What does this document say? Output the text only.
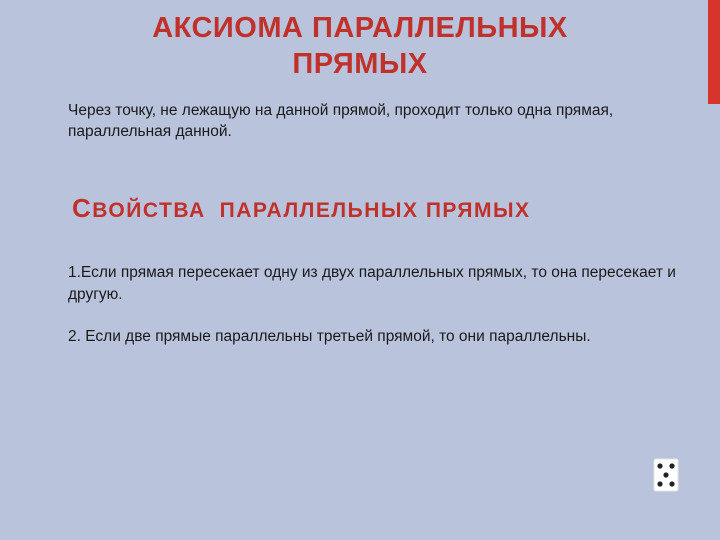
АКСИОМА ПАРАЛЛЕЛЬНЫХ
ПРЯМЫХ
Через точку, не лежащую на данной прямой, проходит только одна прямая, параллельная данной.
СВОЙСТВА ПАРАЛЛЕЛЬНЫХ ПРЯМЫХ
1.Если прямая пересекает одну из двух параллельных прямых, то она пересекает и другую.
2. Если две прямые параллельны третьей прямой, то они параллельны.
